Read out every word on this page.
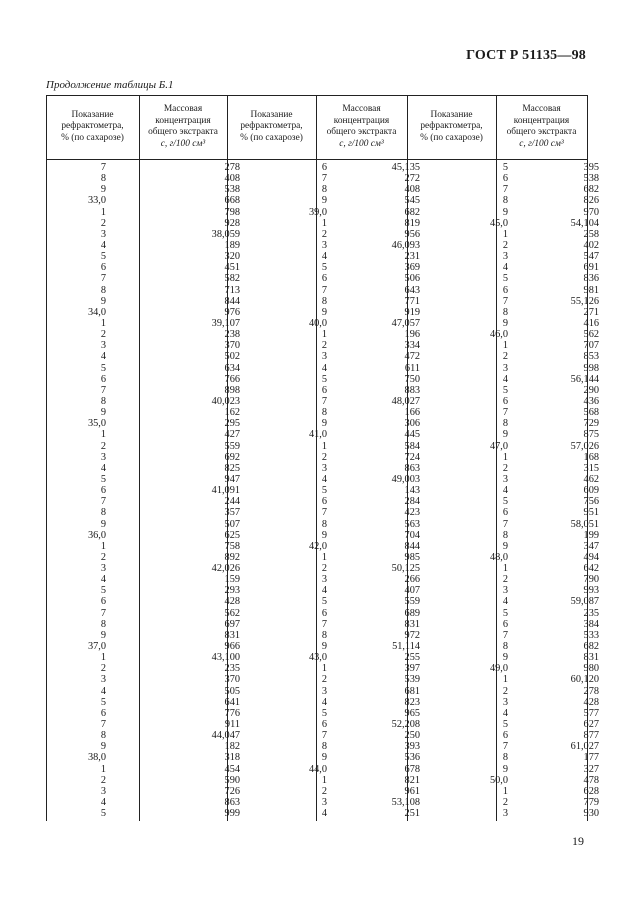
ГОСТ Р 51135—98
Продолжение таблицы Б.1
Показание
рефрактометра,
% (по сахарозе)
Массовая
концентрация
общего экстракта
c, г/100 см³
Показание
рефрактометра,
% (по сахарозе)
Массовая
концентрация
общего экстракта
c, г/100 см³
Показание
рефрактометра,
% (по сахарозе)
Массовая
концентрация
общего экстракта
c, г/100 см³
7
8
9
33,0
1
2
3
4
5
6
7
8
9
34,0
1
2
3
4
5
6
7
8
9
35,0
1
2
3
4
5
6
7
8
9
36,0
1
2
3
4
5
6
7
8
9
37,0
1
2
3
4
5
6
7
8
9
38,0
1
2
3
4
5
278
408
538
668
798
928
38,059
189
320
451
582
713
844
976
39,107
238
370
502
634
766
898
40,023
162
295
427
559
692
825
947
41,091
244
357
507
625
758
892
42,026
159
293
428
562
697
831
966
43,100
235
370
505
641
776
911
44,047
182
318
454
590
726
863
999
6
7
8
9
39,0
1
2
3
4
5
6
7
8
9
40,0
1
2
3
4
5
6
7
8
9
41,0
1
2
3
4
5
6
7
8
9
42,0
1
2
3
4
5
6
7
8
9
43,0
1
2
3
4
5
6
7
8
9
44,0
1
2
3
4
45,135
272
408
545
682
819
956
46,093
231
369
506
643
771
919
47,057
196
334
472
611
750
883
48,027
166
306
445
584
724
863
49,003
143
284
423
563
704
844
985
50,125
266
407
559
689
831
972
51,114
255
397
539
681
823
965
52,208
250
393
536
678
821
961
53,108
251
5
6
7
8
9
45,0
1
2
3
4
5
6
7
8
9
46,0
1
2
3
4
5
6
7
8
9
47,0
1
2
3
4
5
6
7
8
9
48,0
1
2
3
4
5
6
7
8
9
49,0
1
2
3
4
5
6
7
8
9
50,0
1
2
3
395
538
682
826
970
54,104
258
402
547
691
836
981
55,126
271
416
562
707
853
998
56,144
290
436
568
729
875
57,026
168
315
462
609
756
951
58,051
199
347
494
642
790
993
59,087
235
384
533
682
831
980
60,120
278
428
577
627
877
61,027
177
327
478
628
779
930
19
